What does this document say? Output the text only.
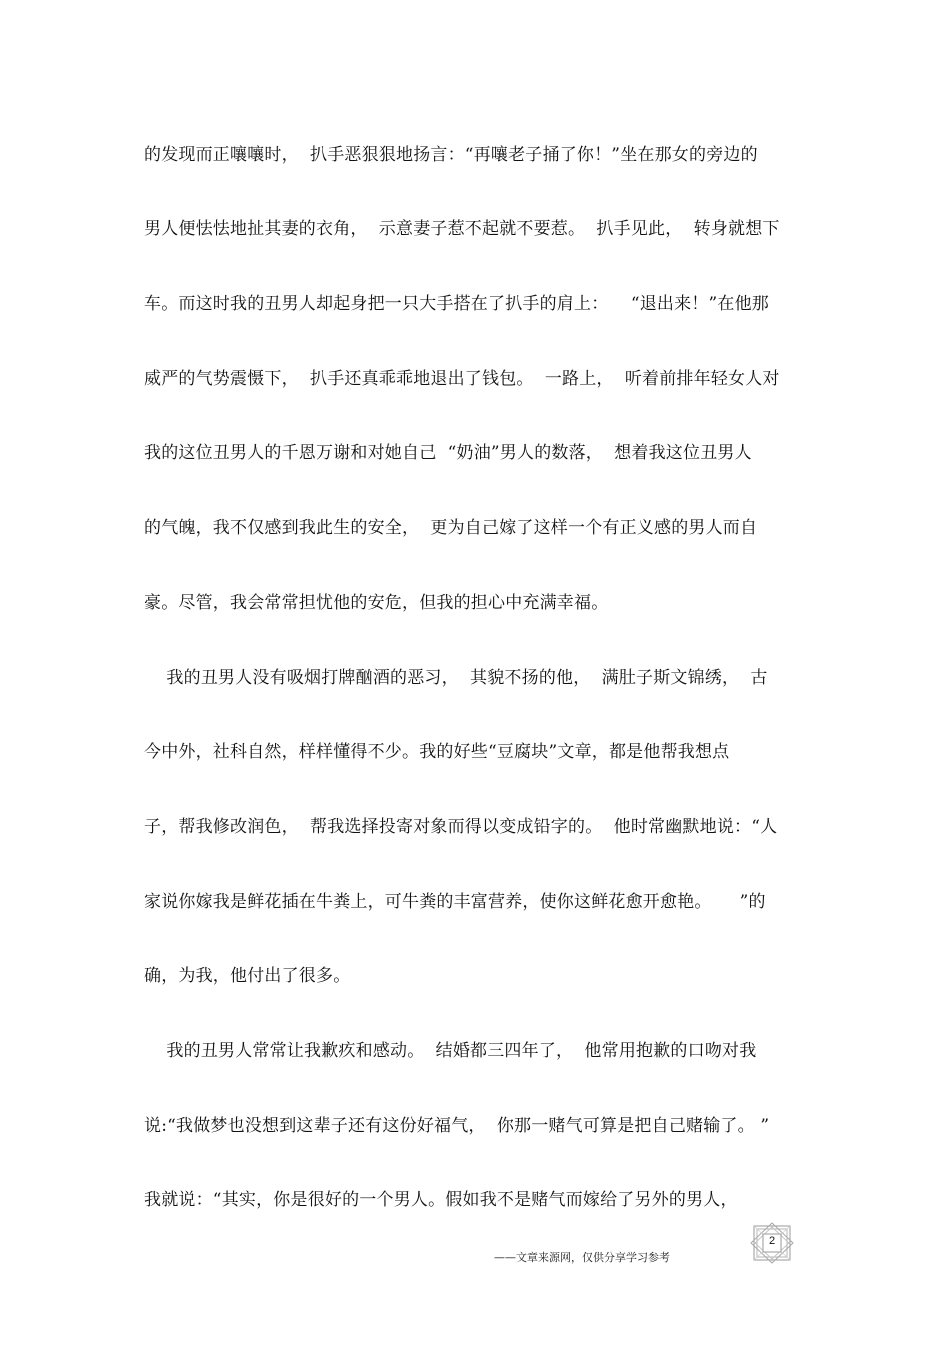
的发现而正嚷嚷时，  扒手恶狠狠地扬言：“再嚷老子捅了你！”坐在那女的旁边的
男人便怯怯地扯其妻的衣角，  示意妻子惹不起就不要惹。  扒手见此，  转身就想下
车。而这时我的丑男人却起身把一只大手搭在了扒手的肩上：    “退出来！”在他那
威严的气势震慑下，  扒手还真乖乖地退出了钱包。  一路上，  听着前排年轻女人对
我的这位丑男人的千恩万谢和对她自己  “奶油”男人的数落，  想着我这位丑男人
的气魄，我不仅感到我此生的安全，  更为自己嫁了这样一个有正义感的男人而自
豪。尽管，我会常常担忧他的安危，但我的担心中充满幸福。
我的丑男人没有吸烟打牌酗酒的恶习，  其貌不扬的他，  满肚子斯文锦绣，  古
今中外，社科自然，样样懂得不少。我的好些“豆腐块”文章，都是他帮我想点
子，帮我修改润色，  帮我选择投寄对象而得以变成铅字的。  他时常幽默地说：“人
家说你嫁我是鲜花插在牛粪上，可牛粪的丰富营养，使你这鲜花愈开愈艳。     ”的
确，为我，他付出了很多。
我的丑男人常常让我歉疚和感动。  结婚都三四年了，  他常用抱歉的口吻对我
说:“我做梦也没想到这辈子还有这份好福气，  你那一赌气可算是把自己赌输了。 ”
我就说：“其实，你是很好的一个男人。假如我不是赌气而嫁给了另外的男人，
——文章来源网，仅供分享学习参考
2
